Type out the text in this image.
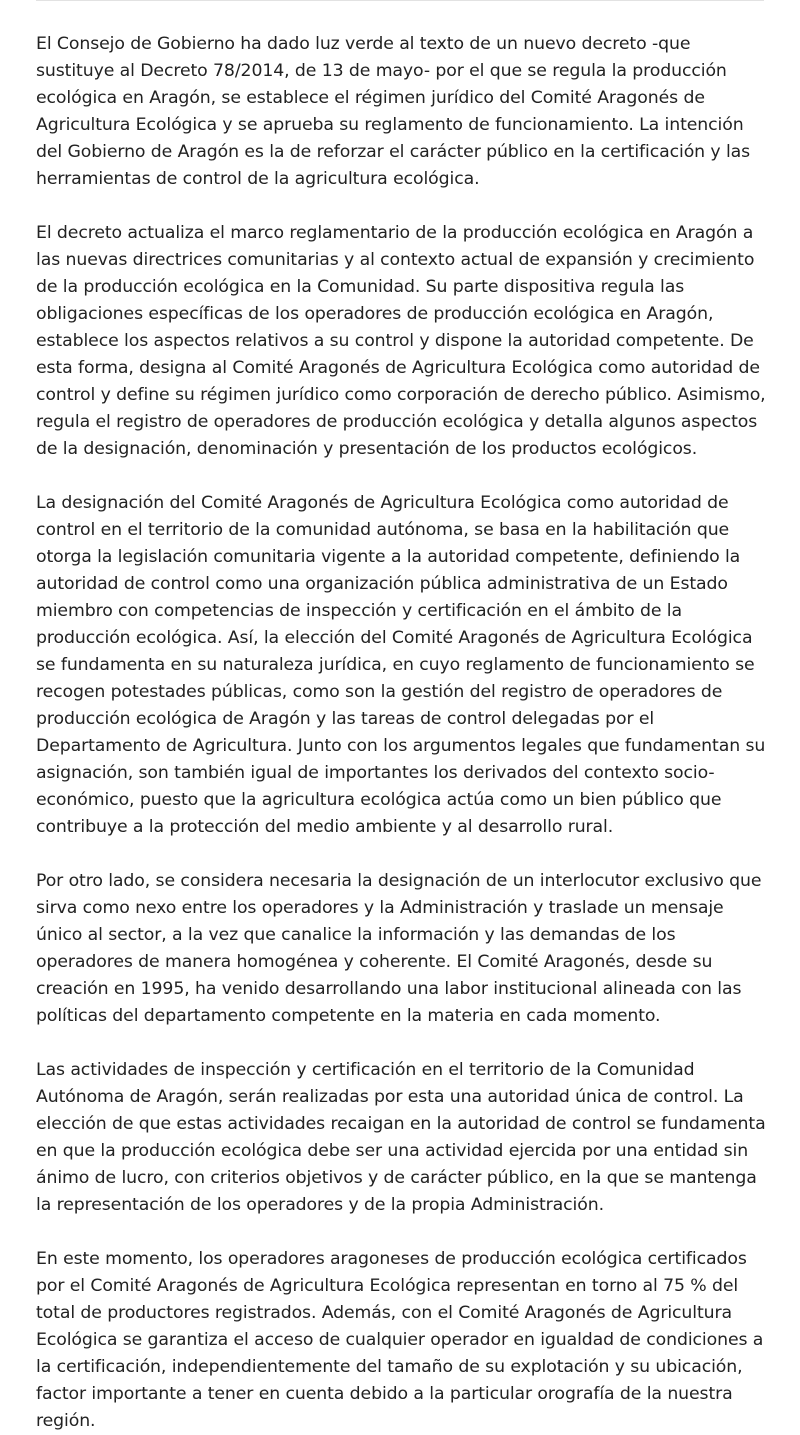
El Consejo de Gobierno ha dado luz verde al texto de un nuevo decreto -que sustituye al Decreto 78/2014, de 13 de mayo- por el que se regula la producción ecológica en Aragón, se establece el régimen jurídico del Comité Aragonés de Agricultura Ecológica y se aprueba su reglamento de funcionamiento. La intención del Gobierno de Aragón es la de reforzar el carácter público en la certificación y las herramientas de control de la agricultura ecológica.

El decreto actualiza el marco reglamentario de la producción ecológica en Aragón a las nuevas directrices comunitarias y al contexto actual de expansión y crecimiento de la producción ecológica en la Comunidad. Su parte dispositiva regula las obligaciones específicas de los operadores de producción ecológica en Aragón, establece los aspectos relativos a su control y dispone la autoridad competente. De esta forma, designa al Comité Aragonés de Agricultura Ecológica como autoridad de control y define su régimen jurídico como corporación de derecho público. Asimismo, regula el registro de operadores de producción ecológica y detalla algunos aspectos de la designación, denominación y presentación de los productos ecológicos.

La designación del Comité Aragonés de Agricultura Ecológica como autoridad de control en el territorio de la comunidad autónoma, se basa en la habilitación que otorga la legislación comunitaria vigente a la autoridad competente, definiendo la autoridad de control como una organización pública administrativa de un Estado miembro con competencias de inspección y certificación en el ámbito de la producción ecológica. Así, la elección del Comité Aragonés de Agricultura Ecológica se fundamenta en su naturaleza jurídica, en cuyo reglamento de funcionamiento se recogen potestades públicas, como son la gestión del registro de operadores de producción ecológica de Aragón y las tareas de control delegadas por el Departamento de Agricultura. Junto con los argumentos legales que fundamentan su asignación, son también igual de importantes los derivados del contexto socio-económico, puesto que la agricultura ecológica actúa como un bien público que contribuye a la protección del medio ambiente y al desarrollo rural.

Por otro lado, se considera necesaria la designación de un interlocutor exclusivo que sirva como nexo entre los operadores y la Administración y traslade un mensaje único al sector, a la vez que canalice la información y las demandas de los operadores de manera homogénea y coherente. El Comité Aragonés, desde su creación en 1995, ha venido desarrollando una labor institucional alineada con las políticas del departamento competente en la materia en cada momento.

Las actividades de inspección y certificación en el territorio de la Comunidad Autónoma de Aragón, serán realizadas por esta una autoridad única de control. La elección de que estas actividades recaigan en la autoridad de control se fundamenta en que la producción ecológica debe ser una actividad ejercida por una entidad sin ánimo de lucro, con criterios objetivos y de carácter público, en la que se mantenga la representación de los operadores y de la propia Administración.

En este momento, los operadores aragoneses de producción ecológica certificados por el Comité Aragonés de Agricultura Ecológica representan en torno al 75 % del total de productores registrados. Además, con el Comité Aragonés de Agricultura Ecológica se garantiza el acceso de cualquier operador en igualdad de condiciones a la certificación, independientemente del tamaño de su explotación y su ubicación, factor importante a tener en cuenta debido a la particular orografía de la nuestra región.
